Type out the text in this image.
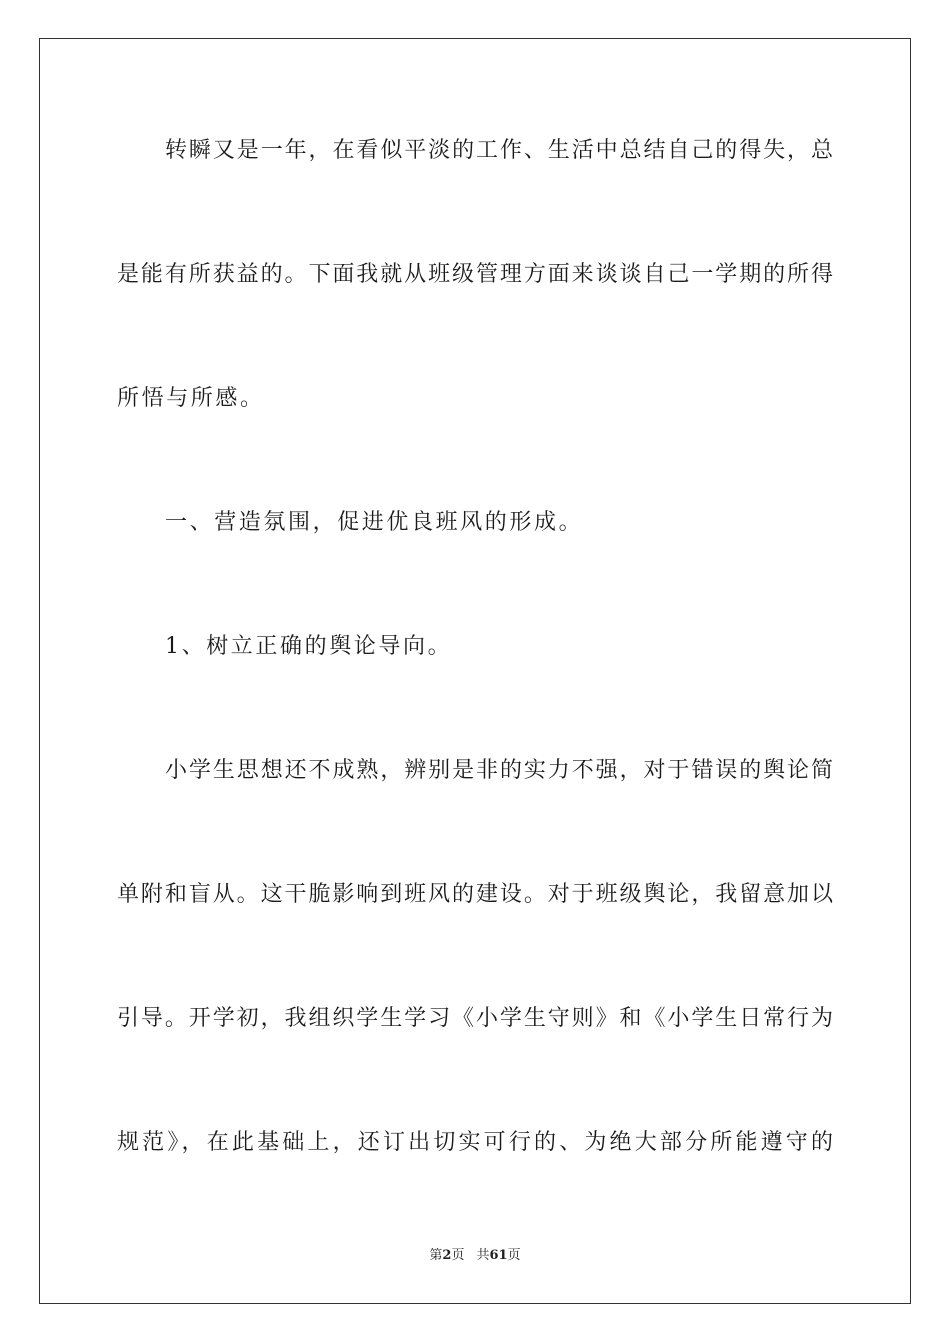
转瞬又是一年，在看似平淡的工作、生活中总结自己的得失，总
是能有所获益的。下面我就从班级管理方面来谈谈自己一学期的所得
所悟与所感。
一、营造氛围，促进优良班风的形成。
1、树立正确的舆论导向。
小学生思想还不成熟，辨别是非的实力不强，对于错误的舆论简
单附和盲从。这干脆影响到班风的建设。对于班级舆论，我留意加以
引导。开学初，我组织学生学习《小学生守则》和《小学生日常行为
规范》，在此基础上，还订出切实可行的、为绝大部分所能遵守的
第2页 共61页
